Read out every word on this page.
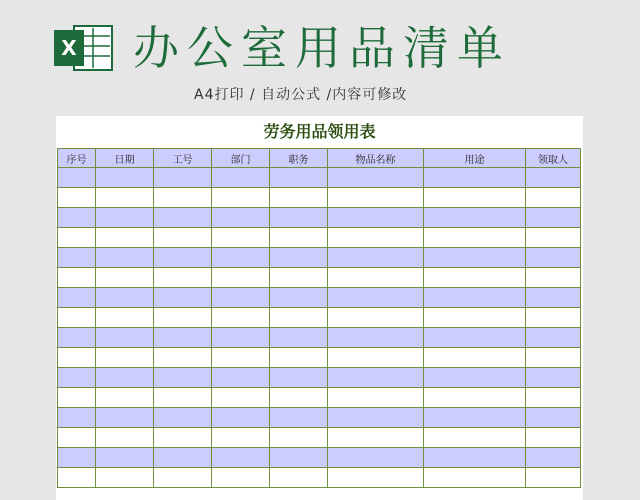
X 办公室用品清单
A4打印 / 自动公式 /内容可修改
劳务用品领用表
序号	日期	工号	部门	职务	物品名称	用途	领取人
